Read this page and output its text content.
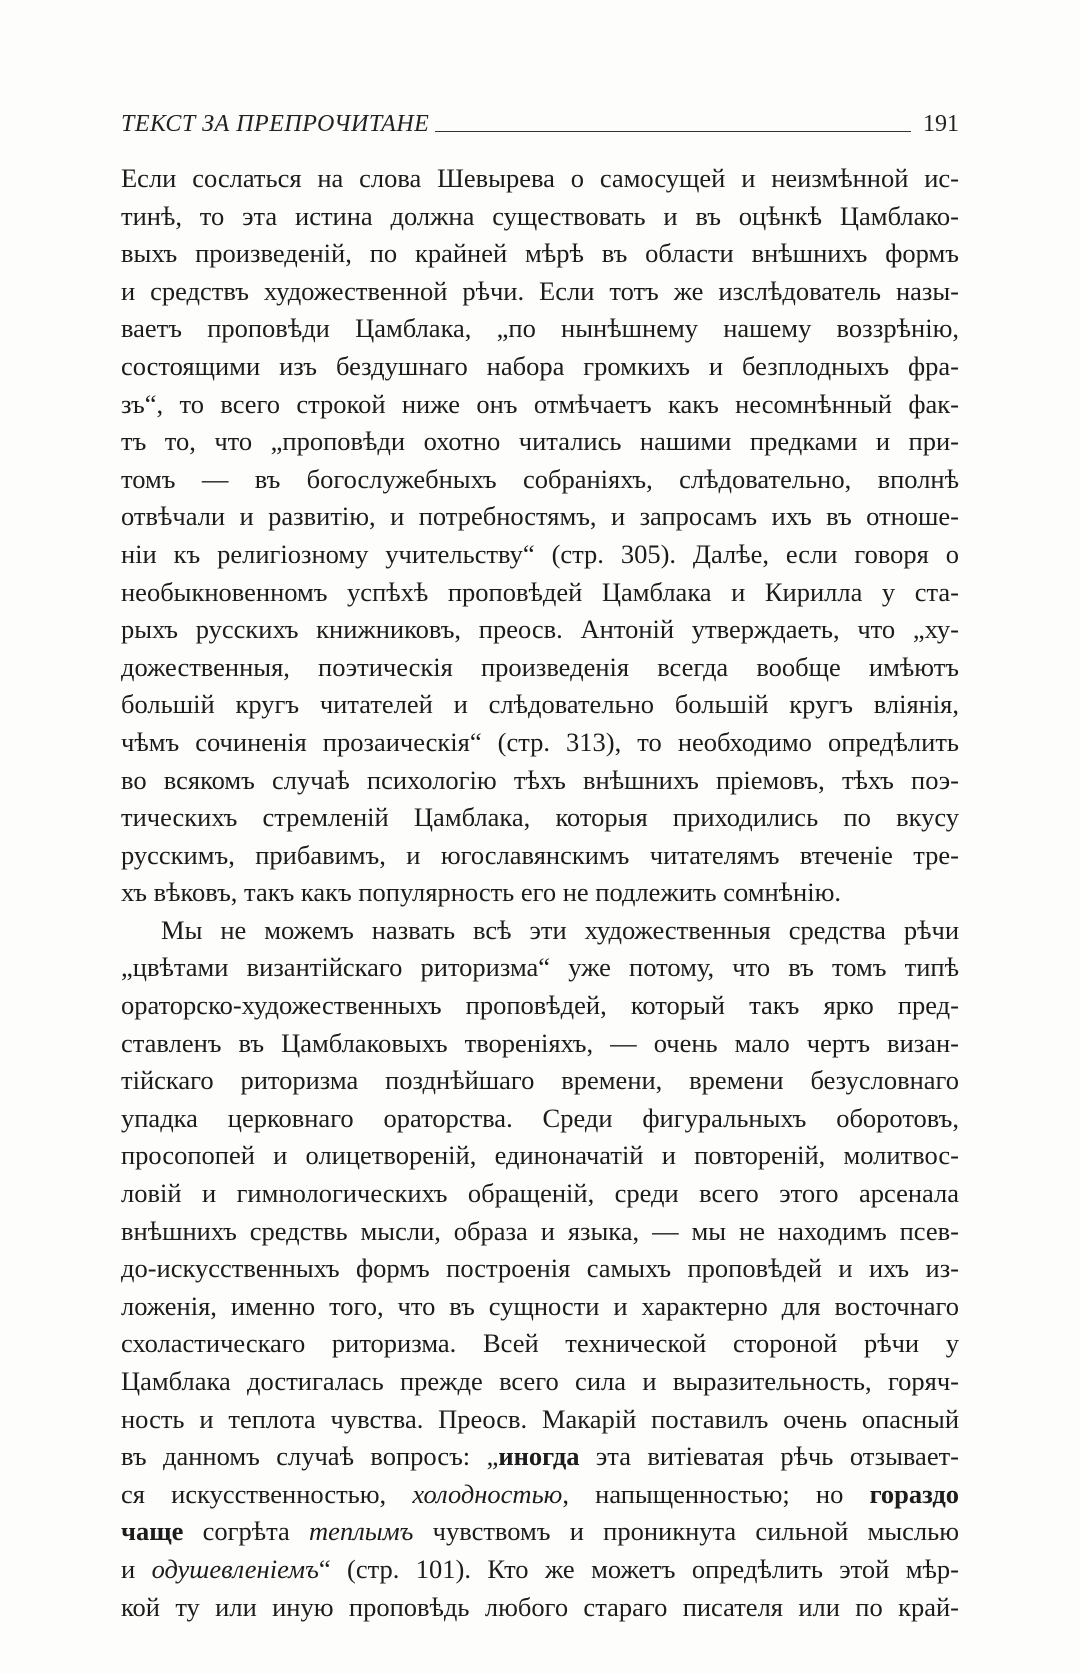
ТЕКСТ ЗА ПРЕПРОЧИТАНЕ	191
Если сослаться на слова Шевырева о самосущей и неизмѣнной ис-
тинѣ, то эта истина должна существовать и въ оцѣнкѣ Цамблако-
выхъ произведенiй, по крайней мѣрѣ въ области внѣшнихъ формъ
и средствъ художественной рѣчи. Если тотъ же изслѣдователь назы-
ваетъ проповѣди Цамблака, „по нынѣшнему нашему воззрѣнiю,
состоящими изъ бездушнаго набора громкихъ и безплодныхъ фра-
зъ“, то всего строкой ниже онъ отмѣчаетъ какъ несомнѣнный фак-
тъ то, что „проповѣди охотно читались нашими предками и при-
томъ — въ богослужебныхъ собранiяхъ, слѣдовательно, вполнѣ
отвѣчали и развитiю, и потребностямъ, и запросамъ ихъ въ отноше-
нiи къ религiозному учительству“ (стр. 305). Далѣе, если говоря о
необыкновенномъ успѣхѣ проповѣдей Цамблака и Кирилла у ста-
рыхъ русскихъ книжниковъ, преосв. Антонiй утверждаеть, что „ху-
дожественныя, поэтическiя произведенiя всегда вообще имѣютъ
большiй кругъ читателей и слѣдовательно большiй кругъ влiянiя,
чѣмъ сочиненiя прозаическiя“ (стр. 313), то необходимо опредѣлить
во всякомъ случаѣ психологiю тѣхъ внѣшнихъ прiемовъ, тѣхъ поэ-
тическихъ стремленiй Цамблака, которыя приходились по вкусу
русскимъ, прибавимъ, и югославянскимъ читателямъ втеченiе тре-
хъ вѣковъ, такъ какъ популярность его не подлежить сомнѣнiю.
Мы не можемъ назвать всѣ эти художественныя средства рѣчи
„цвѣтами византiйскаго риторизма“ уже потому, что въ томъ типѣ
ораторско-художественныхъ проповѣдей, который такъ ярко пред-
ставленъ въ Цамблаковыхъ творенiяхъ, — очень мало чертъ визан-
тiйскаго риторизма позднѣйшаго времени, времени безусловнаго
упадка церковнаго ораторства. Среди фигуральныхъ оборотовъ,
просопопей и олицетворенiй, единоначатiй и повторенiй, молитвос-
ловiй и гимнологическихъ обращенiй, среди всего этого арсенала
внѣшнихъ средствь мысли, образа и языка, — мы не находимъ псев-
до-искусственныхъ формъ построенiя самыхъ проповѣдей и ихъ из-
ложенiя, именно того, что въ сущности и характерно для восточнаго
схоластическаго риторизма. Всей технической стороной рѣчи у
Цамблака достигалась прежде всего сила и выразительность, горяч-
ность и теплота чувства. Преосв. Макарiй поставилъ очень опасный
въ данномъ случаѣ вопросъ: „иногда эта витiеватая рѣчь отзывает-
ся искусственностью, холодностью, напыщенностью; но гораздо
чаще согрѣта теплымъ чувствомъ и проникнута сильной мыслью
и одушевленiемъ“ (стр. 101). Кто же можетъ опредѣлить этой мѣр-
кой ту или иную проповѣдь любого стараго писателя или по край-
